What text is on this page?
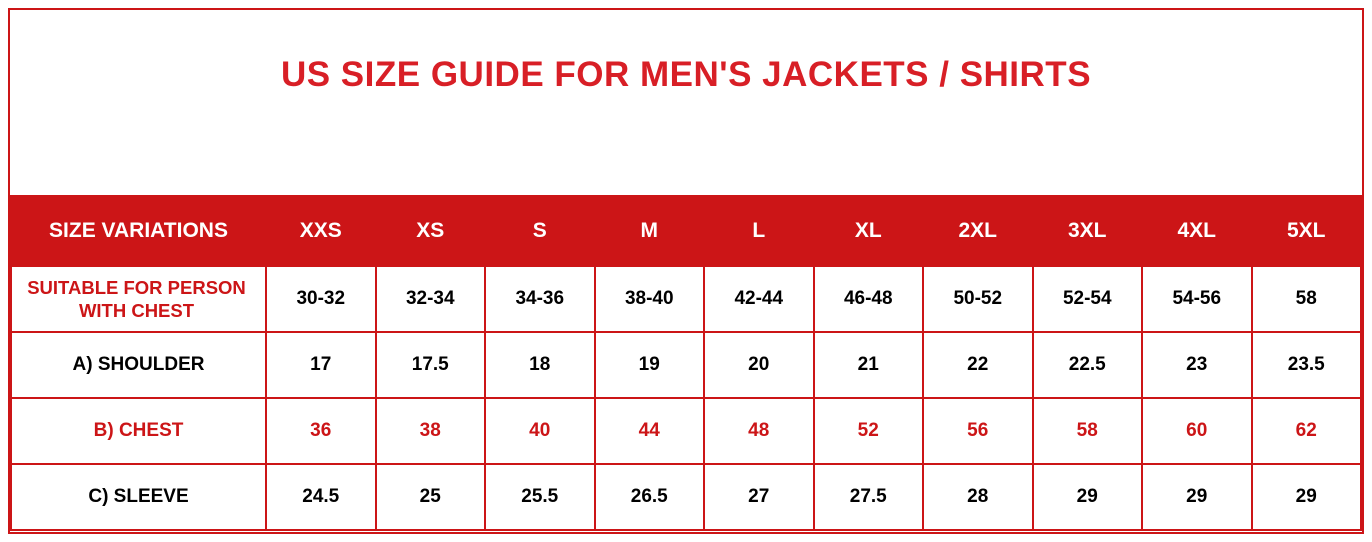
US SIZE GUIDE FOR MEN'S JACKETS / SHIRTS
SIZE VARIATIONS	XXS	XS	S	M	L	XL	2XL	3XL	4XL	5XL
SUITABLE FOR PERSON
WITH CHEST	30-32	32-34	34-36	38-40	42-44	46-48	50-52	52-54	54-56	58
A) SHOULDER	17	17.5	18	19	20	21	22	22.5	23	23.5
B) CHEST	36	38	40	44	48	52	56	58	60	62
C) SLEEVE	24.5	25	25.5	26.5	27	27.5	28	29	29	29
